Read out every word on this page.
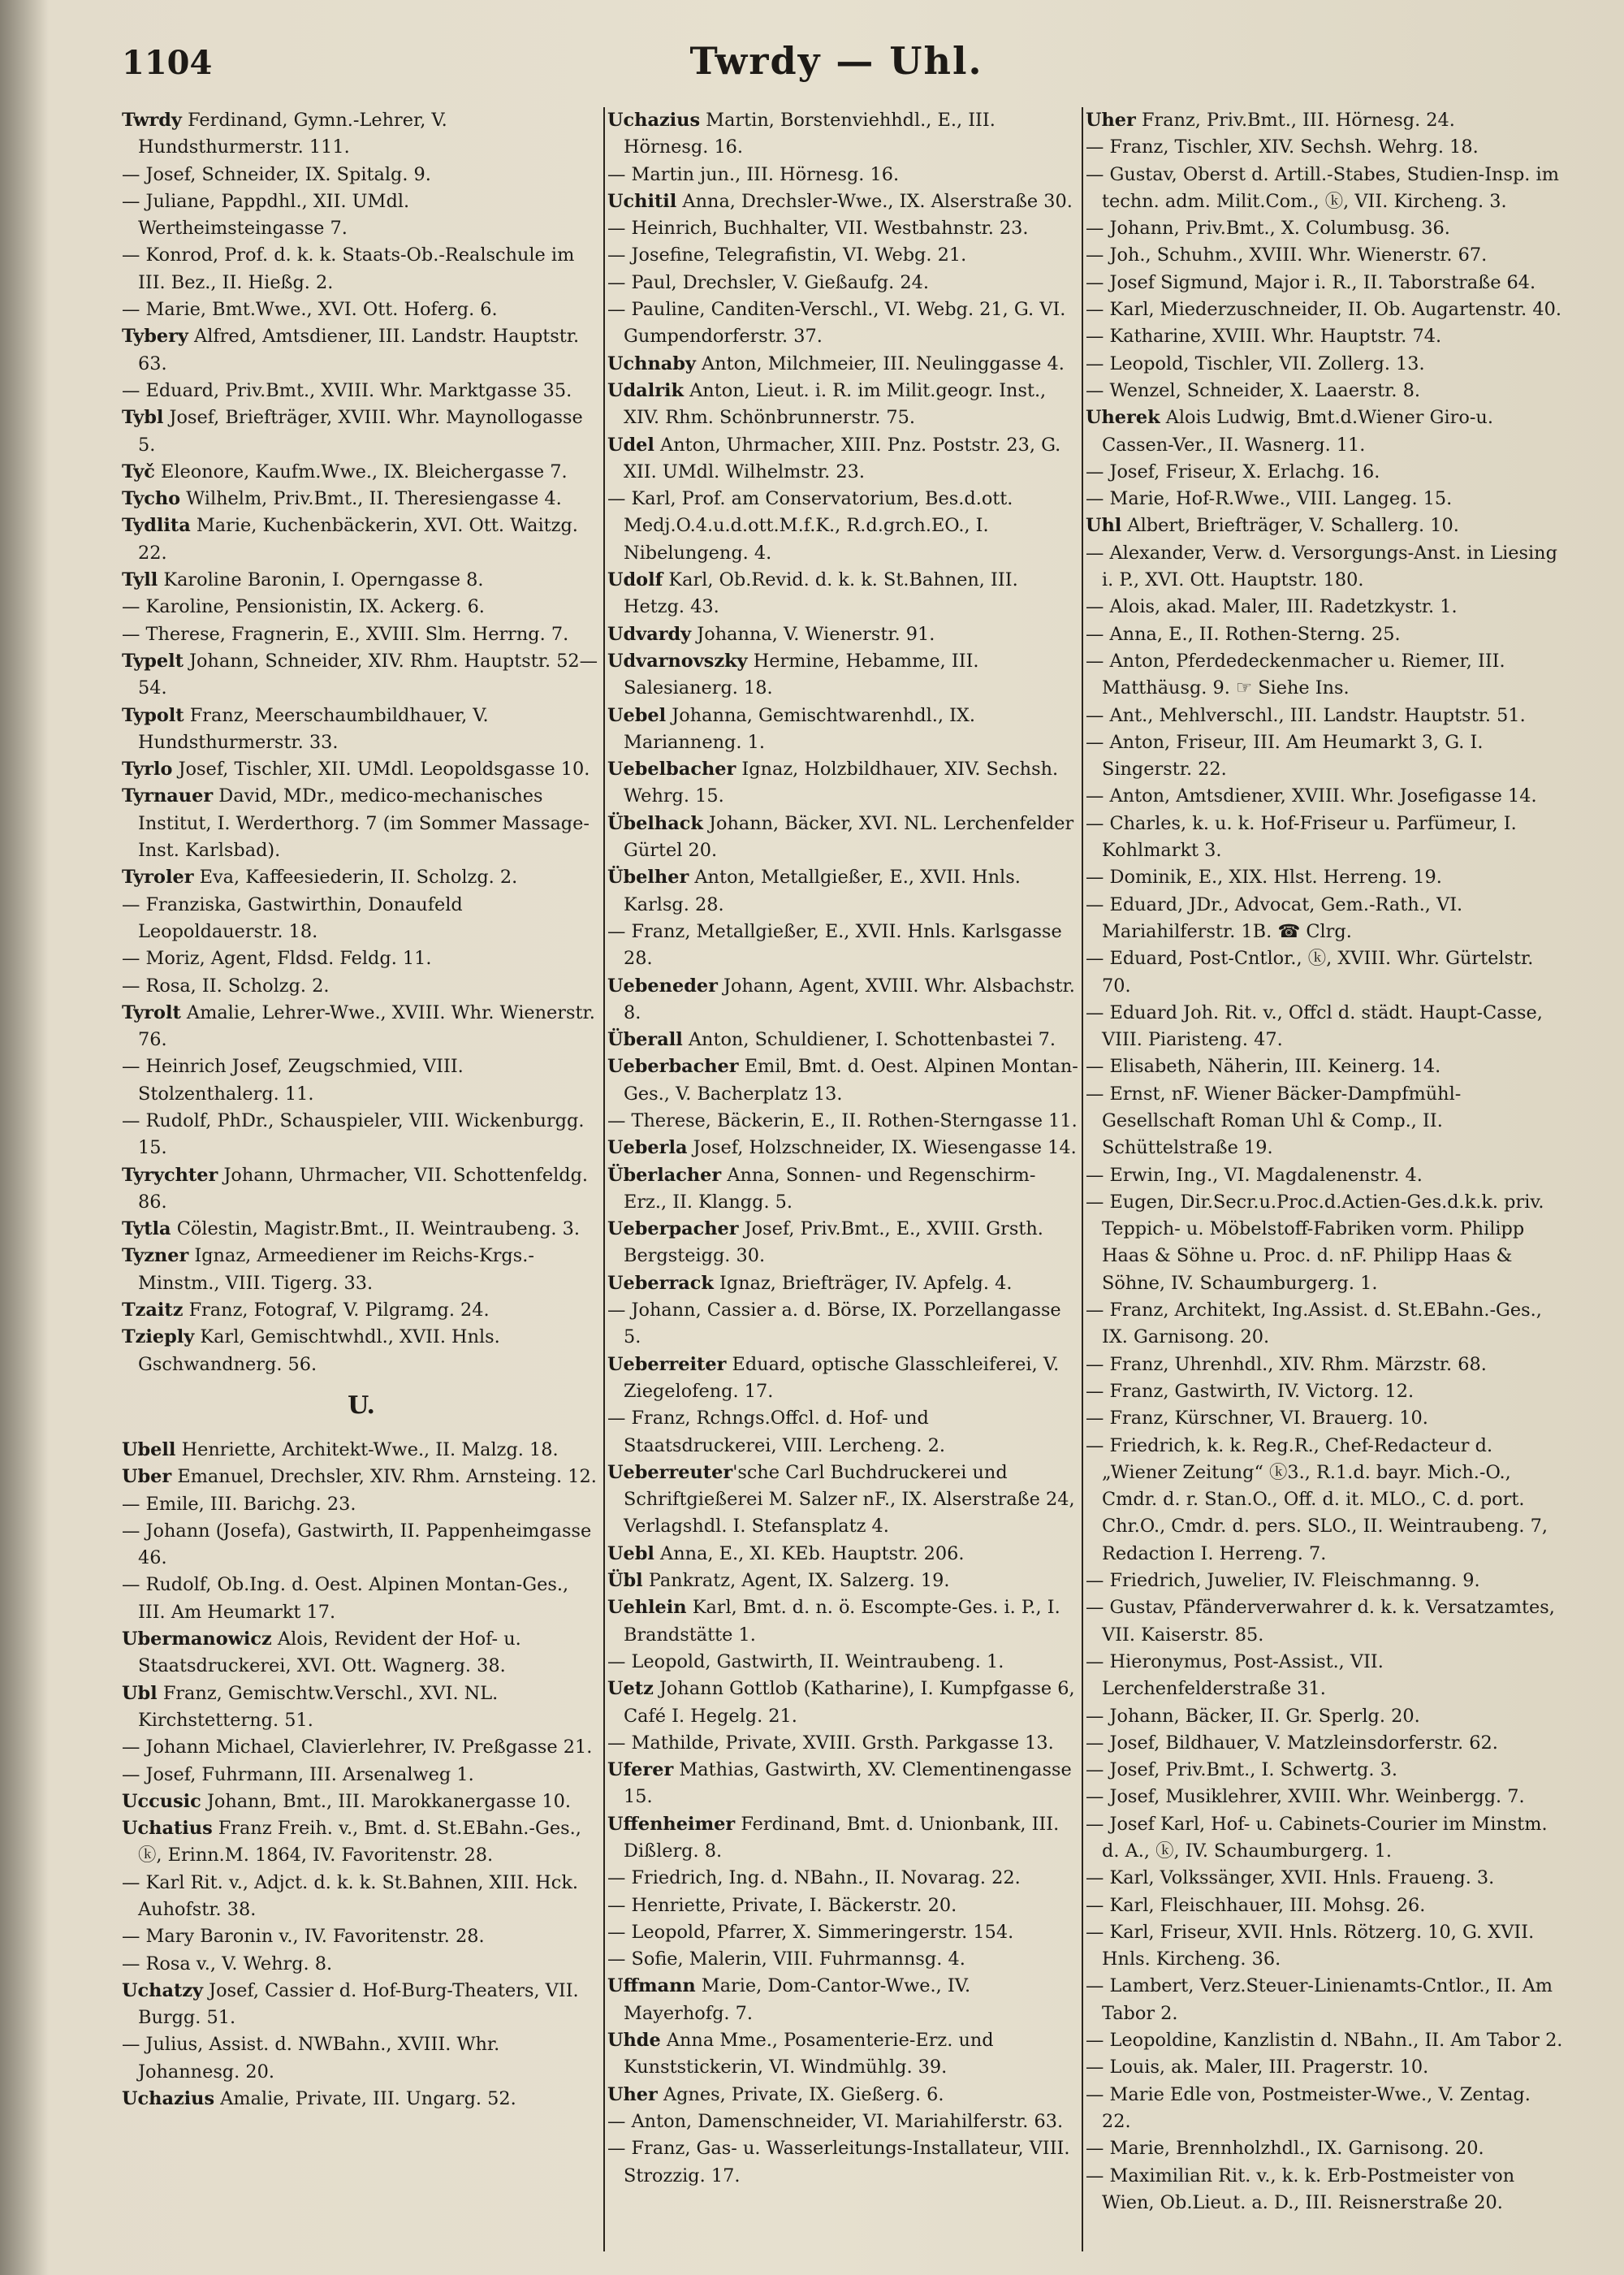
1104	Twrdy — Uhl.

Twrdy Ferdinand, Gymn.-Lehrer, V. Hundsthurmerstr. 111.

— Josef, Schneider, IX. Spitalg. 9.

— Juliane, Pappdhl., XII. UMdl. Wertheimsteingasse 7.

— Konrod, Prof. d. k. k. Staats-Ob.-Realschule im III. Bez., II. Hießg. 2.

— Marie, Bmt.Wwe., XVI. Ott. Hoferg. 6.

Tybery Alfred, Amtsdiener, III. Landstr. Hauptstr. 63.

— Eduard, Priv.Bmt., XVIII. Whr. Marktgasse 35.

Tybl Josef, Briefträger, XVIII. Whr. Maynollogasse 5.

Tyč Eleonore, Kaufm.Wwe., IX. Bleichergasse 7.

Tycho Wilhelm, Priv.Bmt., II. Theresiengasse 4.

Tydlita Marie, Kuchenbäckerin, XVI. Ott. Waitzg. 22.

Tyll Karoline Baronin, I. Operngasse 8.

— Karoline, Pensionistin, IX. Ackerg. 6.

— Therese, Fragnerin, E., XVIII. Slm. Herrng. 7.

Typelt Johann, Schneider, XIV. Rhm. Hauptstr. 52—54.

Typolt Franz, Meerschaumbildhauer, V. Hundsthurmerstr. 33.

Tyrlo Josef, Tischler, XII. UMdl. Leopoldsgasse 10.

Tyrnauer David, MDr., medico-mechanisches Institut, I. Werderthorg. 7 (im Sommer Massage-Inst. Karlsbad).

Tyroler Eva, Kaffeesiederin, II. Scholzg. 2.

— Franziska, Gastwirthin, Donaufeld Leopoldauerstr. 18.

— Moriz, Agent, Fldsd. Feldg. 11.

— Rosa, II. Scholzg. 2.

Tyrolt Amalie, Lehrer-Wwe., XVIII. Whr. Wienerstr. 76.

— Heinrich Josef, Zeugschmied, VIII. Stolzenthalerg. 11.

— Rudolf, PhDr., Schauspieler, VIII. Wickenburgg. 15.

Tyrychter Johann, Uhrmacher, VII. Schottenfeldg. 86.

Tytla Cölestin, Magistr.Bmt., II. Weintraubeng. 3.

Tyzner Ignaz, Armeediener im Reichs-Krgs.-Minstm., VIII. Tigerg. 33.

Tzaitz Franz, Fotograf, V. Pilgramg. 24.

Tzieply Karl, Gemischtwhdl., XVII. Hnls. Gschwandnerg. 56.

U.

Ubell Henriette, Architekt-Wwe., II. Malzg. 18.

Uber Emanuel, Drechsler, XIV. Rhm. Arnsteing. 12.

— Emile, III. Barichg. 23.

— Johann (Josefa), Gastwirth, II. Pappenheimgasse 46.

— Rudolf, Ob.Ing. d. Oest. Alpinen Montan-Ges., III. Am Heumarkt 17.

Ubermanowicz Alois, Revident der Hof- u. Staatsdruckerei, XVI. Ott. Wagnerg. 38.

Ubl Franz, Gemischtw.Verschl., XVI. NL. Kirchstetterng. 51.

— Johann Michael, Clavierlehrer, IV. Preßgasse 21.

— Josef, Fuhrmann, III. Arsenalweg 1.

Uccusic Johann, Bmt., III. Marokkanergasse 10.

Uchatius Franz Freih. v., Bmt. d. St.EBahn.-Ges., ⓚ, Erinn.M. 1864, IV. Favoritenstr. 28.

— Karl Rit. v., Adjct. d. k. k. St.Bahnen, XIII. Hck. Auhofstr. 38.

— Mary Baronin v., IV. Favoritenstr. 28.

— Rosa v., V. Wehrg. 8.

Uchatzy Josef, Cassier d. Hof-Burg-Theaters, VII. Burgg. 51.

— Julius, Assist. d. NWBahn., XVIII. Whr. Johannesg. 20.

Uchazius Amalie, Private, III. Ungarg. 52.

Uchazius Martin, Borstenviehhdl., E., III. Hörnesg. 16.

— Martin jun., III. Hörnesg. 16.

Uchitil Anna, Drechsler-Wwe., IX. Alserstraße 30.

— Heinrich, Buchhalter, VII. Westbahnstr. 23.

— Josefine, Telegrafistin, VI. Webg. 21.

— Paul, Drechsler, V. Gießaufg. 24.

— Pauline, Canditen-Verschl., VI. Webg. 21, G. VI. Gumpendorferstr. 37.

Uchnaby Anton, Milchmeier, III. Neulinggasse 4.

Udalrik Anton, Lieut. i. R. im Milit.geogr. Inst., XIV. Rhm. Schönbrunnerstr. 75.

Udel Anton, Uhrmacher, XIII. Pnz. Poststr. 23, G. XII. UMdl. Wilhelmstr. 23.

— Karl, Prof. am Conservatorium, Bes.d.ott. Medj.O.4.u.d.ott.M.f.K., R.d.grch.EO., I. Nibelungeng. 4.

Udolf Karl, Ob.Revid. d. k. k. St.Bahnen, III. Hetzg. 43.

Udvardy Johanna, V. Wienerstr. 91.

Udvarnovszky Hermine, Hebamme, III. Salesianerg. 18.

Uebel Johanna, Gemischtwarenhdl., IX. Marianneng. 1.

Uebelbacher Ignaz, Holzbildhauer, XIV. Sechsh. Wehrg. 15.

Übelhack Johann, Bäcker, XVI. NL. Lerchenfelder Gürtel 20.

Übelher Anton, Metallgießer, E., XVII. Hnls. Karlsg. 28.

— Franz, Metallgießer, E., XVII. Hnls. Karlsgasse 28.

Uebeneder Johann, Agent, XVIII. Whr. Alsbachstr. 8.

Überall Anton, Schuldiener, I. Schottenbastei 7.

Ueberbacher Emil, Bmt. d. Oest. Alpinen Montan-Ges., V. Bacherplatz 13.

— Therese, Bäckerin, E., II. Rothen-Sterngasse 11.

Ueberla Josef, Holzschneider, IX. Wiesengasse 14.

Überlacher Anna, Sonnen- und Regenschirm-Erz., II. Klangg. 5.

Ueberpacher Josef, Priv.Bmt., E., XVIII. Grsth. Bergsteigg. 30.

Ueberrack Ignaz, Briefträger, IV. Apfelg. 4.

— Johann, Cassier a. d. Börse, IX. Porzellangasse 5.

Ueberreiter Eduard, optische Glasschleiferei, V. Ziegelofeng. 17.

— Franz, Rchngs.Offcl. d. Hof- und Staatsdruckerei, VIII. Lercheng. 2.

Ueberreuter'sche Carl Buchdruckerei und Schriftgießerei M. Salzer nF., IX. Alserstraße 24, Verlagshdl. I. Stefansplatz 4.

Uebl Anna, E., XI. KEb. Hauptstr. 206.

Übl Pankratz, Agent, IX. Salzerg. 19.

Uehlein Karl, Bmt. d. n. ö. Escompte-Ges. i. P., I. Brandstätte 1.

— Leopold, Gastwirth, II. Weintraubeng. 1.

Uetz Johann Gottlob (Katharine), I. Kumpfgasse 6, Café I. Hegelg. 21.

— Mathilde, Private, XVIII. Grsth. Parkgasse 13.

Uferer Mathias, Gastwirth, XV. Clementinengasse 15.

Uffenheimer Ferdinand, Bmt. d. Unionbank, III. Dißlerg. 8.

— Friedrich, Ing. d. NBahn., II. Novarag. 22.

— Henriette, Private, I. Bäckerstr. 20.

— Leopold, Pfarrer, X. Simmeringerstr. 154.

— Sofie, Malerin, VIII. Fuhrmannsg. 4.

Uffmann Marie, Dom-Cantor-Wwe., IV. Mayerhofg. 7.

Uhde Anna Mme., Posamenterie-Erz. und Kunststickerin, VI. Windmühlg. 39.

Uher Agnes, Private, IX. Gießerg. 6.

— Anton, Damenschneider, VI. Mariahilferstr. 63.

— Franz, Gas- u. Wasserleitungs-Installateur, VIII. Strozzig. 17.

Uher Franz, Priv.Bmt., III. Hörnesg. 24.

— Franz, Tischler, XIV. Sechsh. Wehrg. 18.

— Gustav, Oberst d. Artill.-Stabes, Studien-Insp. im techn. adm. Milit.Com., ⓚ, VII. Kircheng. 3.

— Johann, Priv.Bmt., X. Columbusg. 36.

— Joh., Schuhm., XVIII. Whr. Wienerstr. 67.

— Josef Sigmund, Major i. R., II. Taborstraße 64.

— Karl, Miederzuschneider, II. Ob. Augartenstr. 40.

— Katharine, XVIII. Whr. Hauptstr. 74.

— Leopold, Tischler, VII. Zollerg. 13.

— Wenzel, Schneider, X. Laaerstr. 8.

Uherek Alois Ludwig, Bmt.d.Wiener Giro-u. Cassen-Ver., II. Wasnerg. 11.

— Josef, Friseur, X. Erlachg. 16.

— Marie, Hof-R.Wwe., VIII. Langeg. 15.

Uhl Albert, Briefträger, V. Schallerg. 10.

— Alexander, Verw. d. Versorgungs-Anst. in Liesing i. P., XVI. Ott. Hauptstr. 180.

— Alois, akad. Maler, III. Radetzkystr. 1.

— Anna, E., II. Rothen-Sterng. 25.

— Anton, Pferdedeckenmacher u. Riemer, III. Matthäusg. 9. ☞ Siehe Ins.

— Ant., Mehlverschl., III. Landstr. Hauptstr. 51.

— Anton, Friseur, III. Am Heumarkt 3, G. I. Singerstr. 22.

— Anton, Amtsdiener, XVIII. Whr. Josefigasse 14.

— Charles, k. u. k. Hof-Friseur u. Parfümeur, I. Kohlmarkt 3.

— Dominik, E., XIX. Hlst. Herreng. 19.

— Eduard, JDr., Advocat, Gem.-Rath., VI. Mariahilferstr. 1B. ☎ Clrg.

— Eduard, Post-Cntlor., ⓚ, XVIII. Whr. Gürtelstr. 70.

— Eduard Joh. Rit. v., Offcl d. städt. Haupt-Casse, VIII. Piaristeng. 47.

— Elisabeth, Näherin, III. Keinerg. 14.

— Ernst, nF. Wiener Bäcker-Dampfmühl-Gesellschaft Roman Uhl & Comp., II. Schüttelstraße 19.

— Erwin, Ing., VI. Magdalenenstr. 4.

— Eugen, Dir.Secr.u.Proc.d.Actien-Ges.d.k.k. priv. Teppich- u. Möbelstoff-Fabriken vorm. Philipp Haas & Söhne u. Proc. d. nF. Philipp Haas & Söhne, IV. Schaumburgerg. 1.

— Franz, Architekt, Ing.Assist. d. St.EBahn.-Ges., IX. Garnisong. 20.

— Franz, Uhrenhdl., XIV. Rhm. Märzstr. 68.

— Franz, Gastwirth, IV. Victorg. 12.

— Franz, Kürschner, VI. Brauerg. 10.

— Friedrich, k. k. Reg.R., Chef-Redacteur d. „Wiener Zeitung“ ⓚ3., R.1.d. bayr. Mich.-O., Cmdr. d. r. Stan.O., Off. d. it. MLO., C. d. port. Chr.O., Cmdr. d. pers. SLO., II. Weintraubeng. 7, Redaction I. Herreng. 7.

— Friedrich, Juwelier, IV. Fleischmanng. 9.

— Gustav, Pfänderverwahrer d. k. k. Versatzamtes, VII. Kaiserstr. 85.

— Hieronymus, Post-Assist., VII. Lerchenfelderstraße 31.

— Johann, Bäcker, II. Gr. Sperlg. 20.

— Josef, Bildhauer, V. Matzleinsdorferstr. 62.

— Josef, Priv.Bmt., I. Schwertg. 3.

— Josef, Musiklehrer, XVIII. Whr. Weinbergg. 7.

— Josef Karl, Hof- u. Cabinets-Courier im Minstm. d. A., ⓚ, IV. Schaumburgerg. 1.

— Karl, Volkssänger, XVII. Hnls. Fraueng. 3.

— Karl, Fleischhauer, III. Mohsg. 26.

— Karl, Friseur, XVII. Hnls. Rötzerg. 10, G. XVII. Hnls. Kircheng. 36.

— Lambert, Verz.Steuer-Linienamts-Cntlor., II. Am Tabor 2.

— Leopoldine, Kanzlistin d. NBahn., II. Am Tabor 2.

— Louis, ak. Maler, III. Pragerstr. 10.

— Marie Edle von, Postmeister-Wwe., V. Zentag. 22.

— Marie, Brennholzhdl., IX. Garnisong. 20.

— Maximilian Rit. v., k. k. Erb-Postmeister von Wien, Ob.Lieut. a. D., III. Reisnerstraße 20.
